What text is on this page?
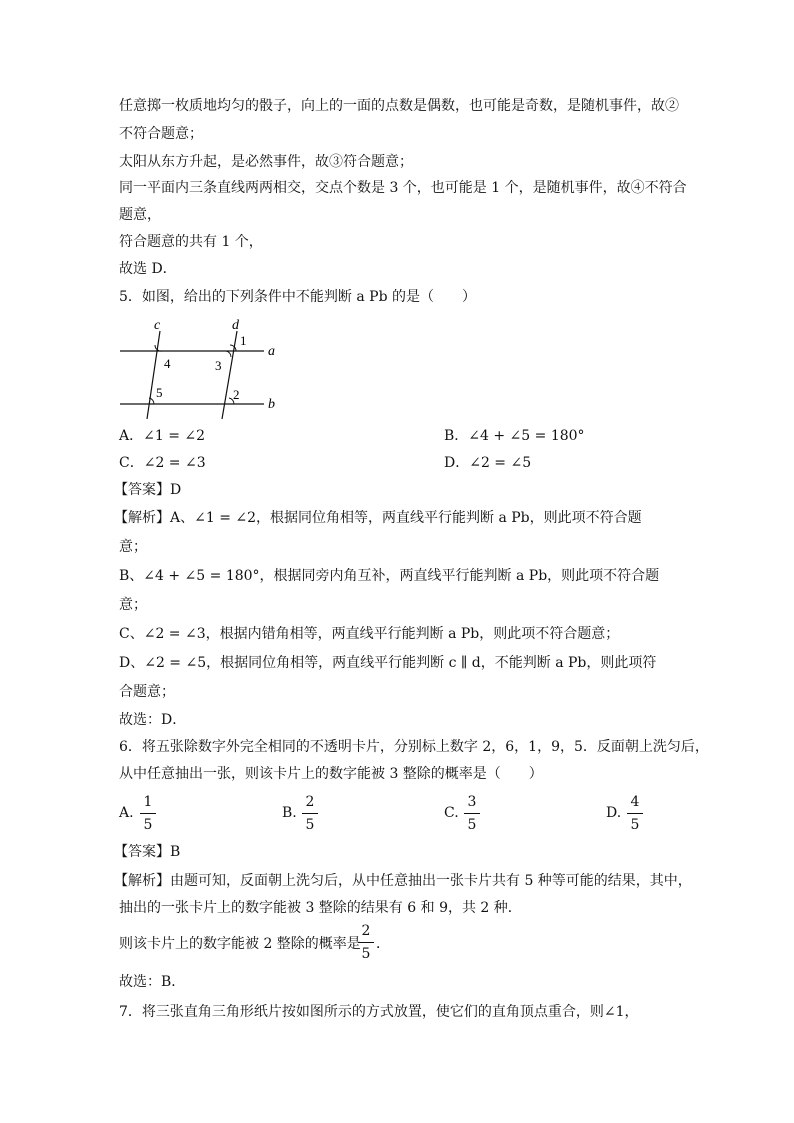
任意掷一枚质地均匀的骰子，向上的一面的点数是偶数，也可能是奇数，是随机事件，故②
不符合题意；
太阳从东方升起，是必然事件，故③符合题意；
同一平面内三条直线两两相交，交点个数是 3 个，也可能是 1 个，是随机事件，故④不符合
题意，
符合题意的共有 1 个，
故选 D．
5．如图，给出的下列条件中不能判断 a Pb 的是（　　）
c	d
a
b
1
2
3
4
5
A．∠1 = ∠2	B．∠4 + ∠5 = 180°
C．∠2 = ∠3	D．∠2 = ∠5
【答案】D
【解析】A、∠1 = ∠2，根据同位角相等，两直线平行能判断 a Pb，则此项不符合题
意；
B、∠4 + ∠5 = 180°，根据同旁内角互补，两直线平行能判断 a Pb，则此项不符合题
意；
C、∠2 = ∠3，根据内错角相等，两直线平行能判断 a Pb，则此项不符合题意；
D、∠2 = ∠5，根据同位角相等，两直线平行能判断 c ∥ d，不能判断 a Pb，则此项符
合题意；
故选：D．
6．将五张除数字外完全相同的不透明卡片，分别标上数字 2，6，1，9，5．反面朝上洗匀后，
从中任意抽出一张，则该卡片上的数字能被 3 整除的概率是（　　）
A.
1
5
B.
2
5
C.
3
5
D.
4
5
【答案】B
【解析】由题可知，反面朝上洗匀后，从中任意抽出一张卡片共有 5 种等可能的结果，其中，
抽出的一张卡片上的数字能被 3 整除的结果有 6 和 9，共 2 种．
则该卡片上的数字能被 2 整除的概率是
2
5
．
故选：B．
7．将三张直角三角形纸片按如图所示的方式放置，使它们的直角顶点重合，则∠1，
